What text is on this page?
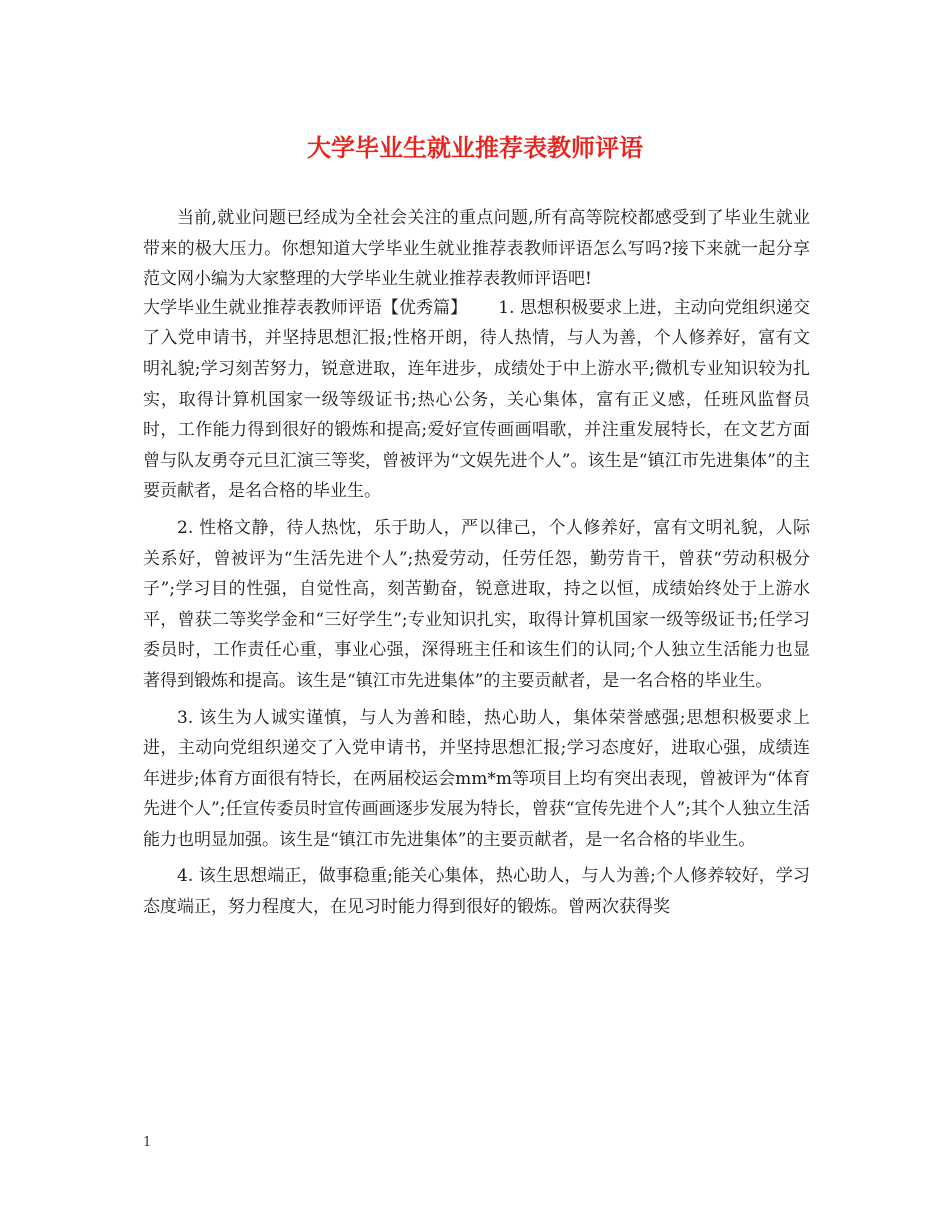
大学毕业生就业推荐表教师评语

当前,就业问题已经成为全社会关注的重点问题,所有高等院校都感受到了毕业生就业带来的极大压力。你想知道大学毕业生就业推荐表教师评语怎么写吗?接下来就一起分享范文网小编为大家整理的大学毕业生就业推荐表教师评语吧!

大学毕业生就业推荐表教师评语【优秀篇】　　 1. 思想积极要求上进，主动向党组织递交了入党申请书，并坚持思想汇报;性格开朗，待人热情，与人为善，个人修养好，富有文明礼貌;学习刻苦努力，锐意进取，连年进步，成绩处于中上游水平;微机专业知识较为扎实，取得计算机国家一级等级证书;热心公务，关心集体，富有正义感，任班风监督员时，工作能力得到很好的锻炼和提高;爱好宣传画画唱歌，并注重发展特长，在文艺方面曾与队友勇夺元旦汇演三等奖，曾被评为“文娱先进个人”。该生是“镇江市先进集体”的主要贡献者，是名合格的毕业生。

2. 性格文静，待人热忱，乐于助人，严以律己，个人修养好，富有文明礼貌，人际关系好，曾被评为“生活先进个人”;热爱劳动，任劳任怨，勤劳肯干，曾获“劳动积极分子”;学习目的性强，自觉性高，刻苦勤奋，锐意进取，持之以恒，成绩始终处于上游水平，曾获二等奖学金和“三好学生”;专业知识扎实，取得计算机国家一级等级证书;任学习委员时，工作责任心重，事业心强，深得班主任和该生们的认同;个人独立生活能力也显著得到锻炼和提高。该生是“镇江市先进集体”的主要贡献者，是一名合格的毕业生。

3. 该生为人诚实谨慎，与人为善和睦，热心助人，集体荣誉感强;思想积极要求上进，主动向党组织递交了入党申请书，并坚持思想汇报;学习态度好，进取心强，成绩连年进步;体育方面很有特长，在两届校运会mm*m等项目上均有突出表现，曾被评为“体育先进个人”;任宣传委员时宣传画画逐步发展为特长，曾获“宣传先进个人”;其个人独立生活能力也明显加强。该生是“镇江市先进集体”的主要贡献者，是一名合格的毕业生。

4. 该生思想端正，做事稳重;能关心集体，热心助人，与人为善;个人修养较好，学习态度端正，努力程度大，在见习时能力得到很好的锻炼。曾两次获得奖

1
